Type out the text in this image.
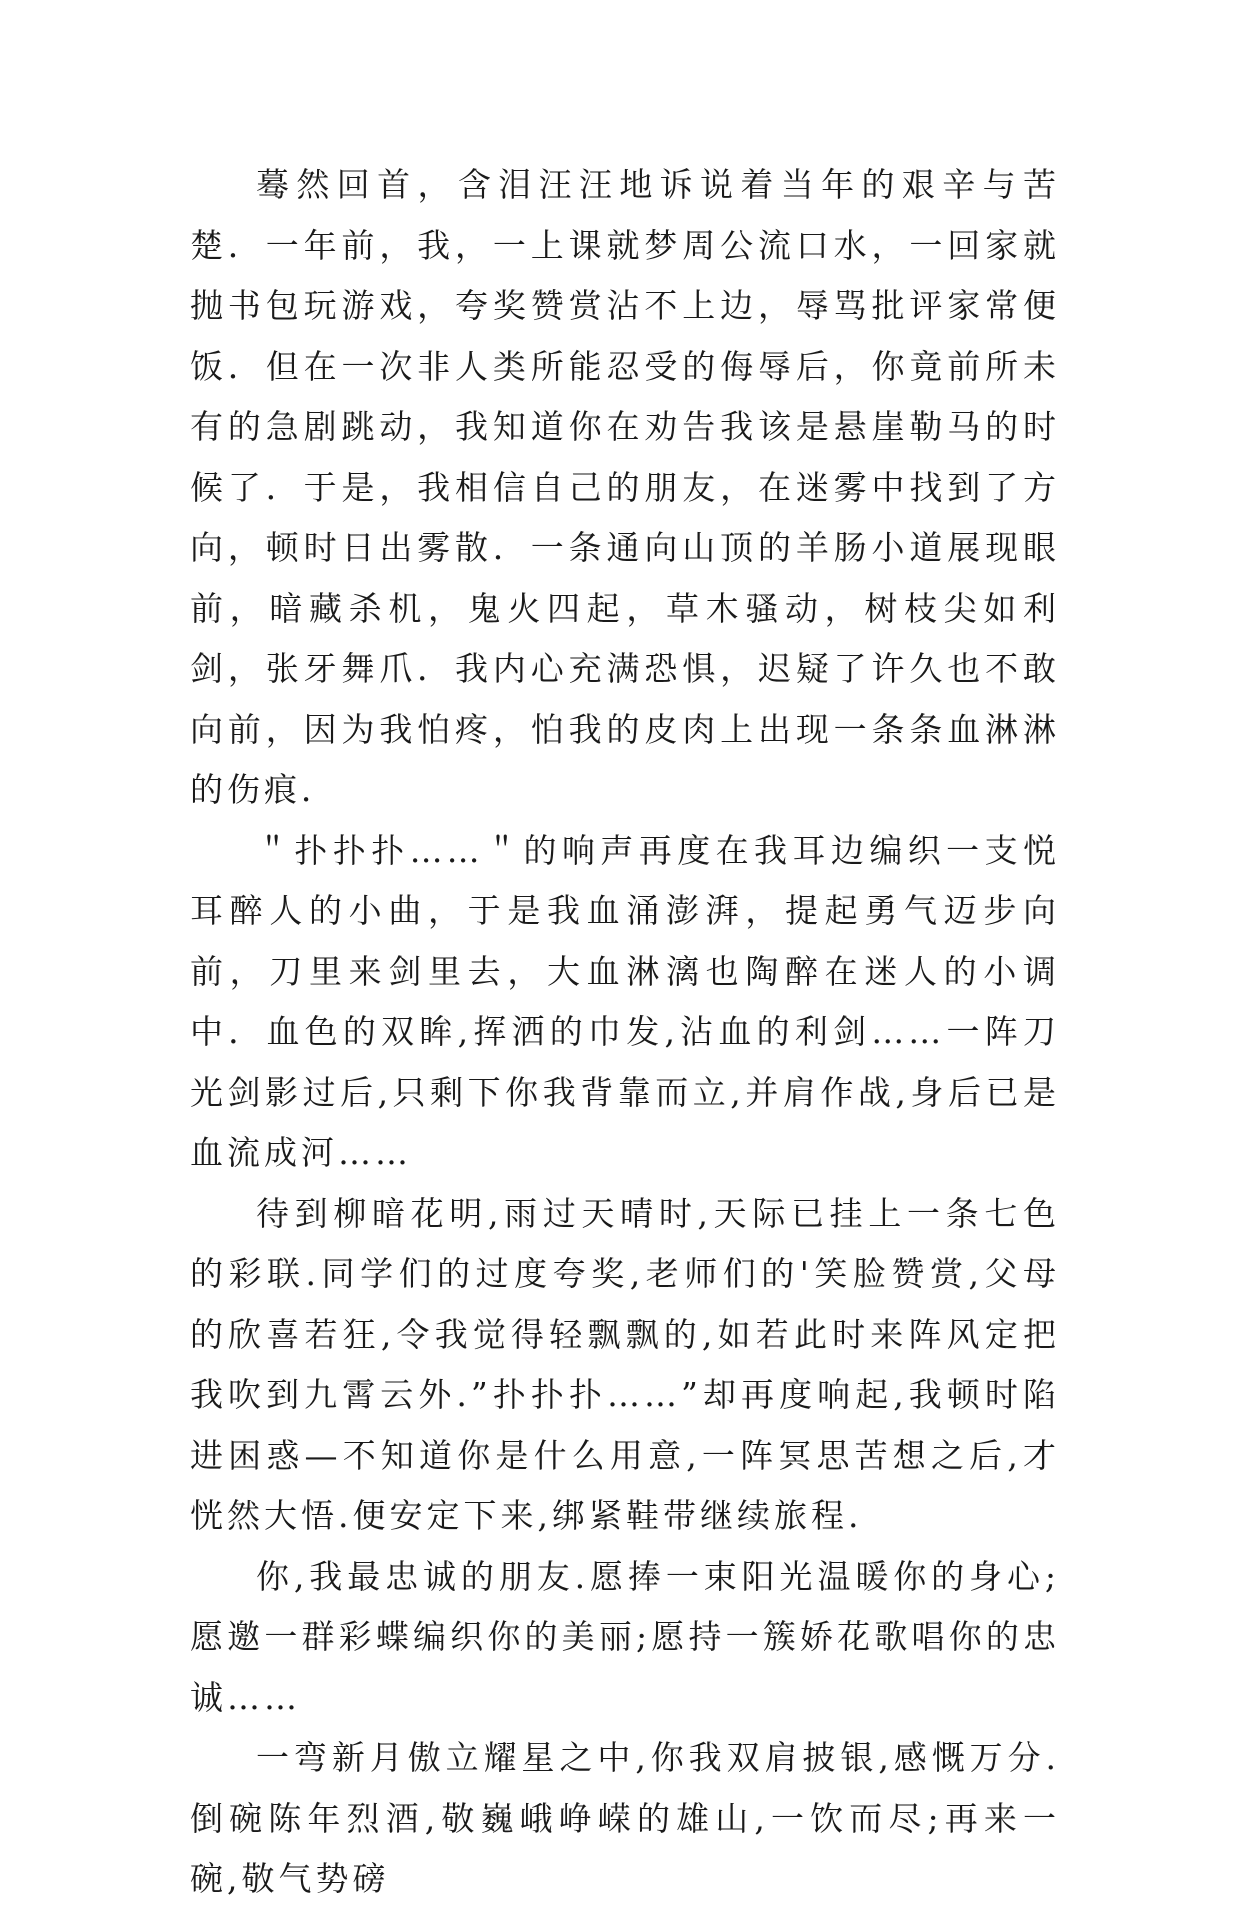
蓦然回首，含泪汪汪地诉说着当年的艰辛与苦楚．一年前，我，一上课就梦周公流口水，一回家就抛书包玩游戏，夸奖赞赏沾不上边，辱骂批评家常便饭．但在一次非人类所能忍受的侮辱后，你竟前所未有的急剧跳动，我知道你在劝告我该是悬崖勒马的时候了．于是，我相信自己的朋友，在迷雾中找到了方向，顿时日出雾散．一条通向山顶的羊肠小道展现眼前，暗藏杀机，鬼火四起，草木骚动，树枝尖如利剑，张牙舞爪．我内心充满恐惧，迟疑了许久也不敢向前，因为我怕疼，怕我的皮肉上出现一条条血淋淋的伤痕．

＂扑扑扑……＂的响声再度在我耳边编织一支悦耳醉人的小曲，于是我血涌澎湃，提起勇气迈步向前，刀里来剑里去，大血淋漓也陶醉在迷人的小调中．血色的双眸,挥洒的巾发,沾血的利剑……一阵刀光剑影过后,只剩下你我背靠而立,并肩作战,身后已是血流成河……

待到柳暗花明,雨过天晴时,天际已挂上一条七色的彩联.同学们的过度夸奖,老师们的'笑脸赞赏,父母的欣喜若狂,令我觉得轻飘飘的,如若此时来阵风定把我吹到九霄云外.”扑扑扑……”却再度响起,我顿时陷进困惑—不知道你是什么用意,一阵冥思苦想之后,才恍然大悟.便安定下来,绑紧鞋带继续旅程.

你,我最忠诚的朋友.愿捧一束阳光温暖你的身心;愿邀一群彩蝶编织你的美丽;愿持一簇娇花歌唱你的忠诚……

一弯新月傲立耀星之中,你我双肩披银,感慨万分.倒碗陈年烈酒,敬巍峨峥嵘的雄山,一饮而尽;再来一碗,敬气势磅
